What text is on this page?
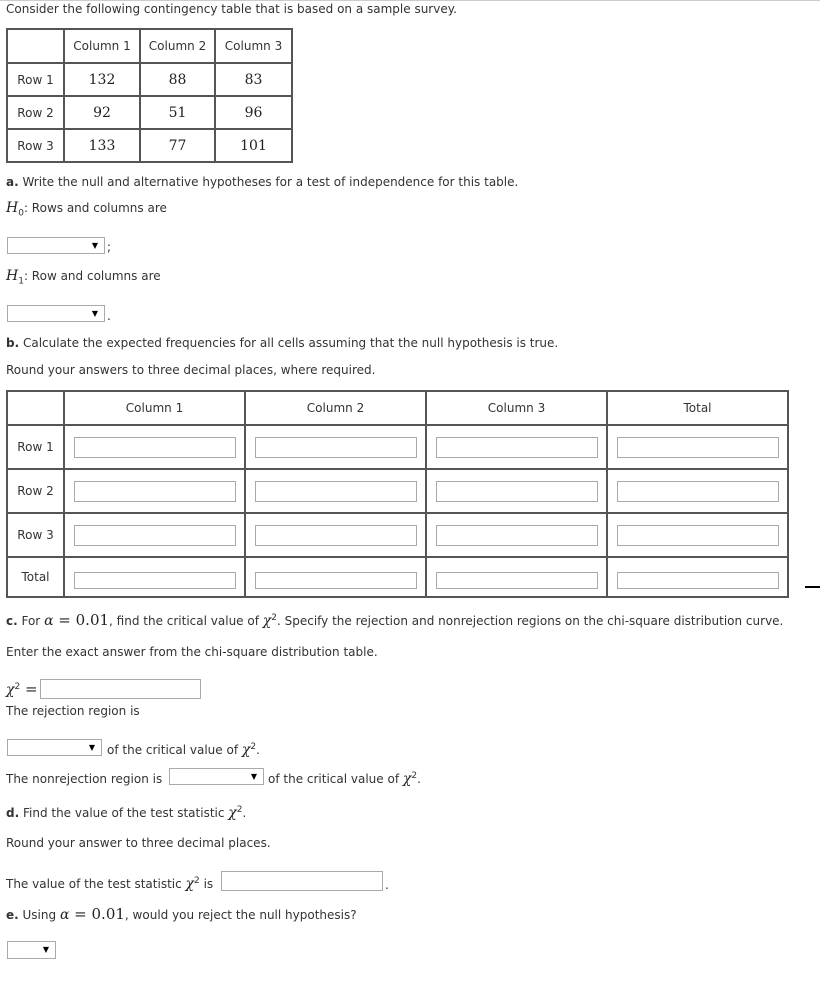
Consider the following contingency table that is based on a sample survey.
	Column 1	Column 2	Column 3
Row 1	132	88	83
Row 2	92	51	96
Row 3	133	77	101
a. Write the null and alternative hypotheses for a test of independence for this table.
$H_0$: Rows and columns are
▼ ;
$H_1$: Row and columns are
▼ .
b. Calculate the expected frequencies for all cells assuming that the null hypothesis is true.
Round your answers to three decimal places, where required.
	Column 1	Column 2	Column 3	Total
Row 1	

Row 2	

Row 3	

Total	

c. For α = 0.01, find the critical value of $\chi^2$. Specify the rejection and nonrejection regions on the chi-square distribution curve.
Enter the exact answer from the chi-square distribution table.
$\chi^2$ =
The rejection region is
▼ of the critical value of $\chi^2$.
The nonrejection region is	▼ of the critical value of $\chi^2$.
d. Find the value of the test statistic $\chi^2$.
Round your answer to three decimal places.
The value of the test statistic $\chi^2$ is	.
e. Using α = 0.01, would you reject the null hypothesis?
▼
